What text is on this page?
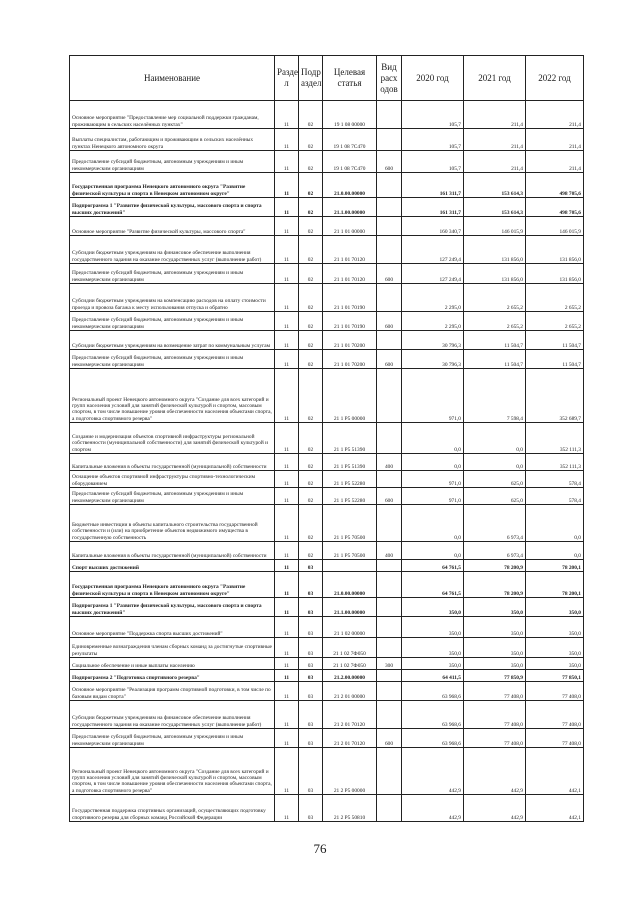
Наименование	Разде л	Подр аздел	Целевая статья	Вид расх одов	2020 год	2021 год	2022 год
Основное мероприятие "Предоставление мер социальной поддержки гражданам, проживающим в сельских населённых пунктах"	11	02	19 1 08 00000		105,7	211,4	211,4
Выплаты специалистам, работающим и проживающим в сельских населённых пунктах Ненецкого автономного округа	11	02	19 1 08 7С470		105,7	211,4	211,4
Предоставление субсидий бюджетным, автономным учреждениям и иным некоммерческим организациям	11	02	19 1 08 7С470	600	105,7	211,4	211,4
Государственная программа Ненецкого автономного округа "Развитие физической культуры и спорта в Ненецком автономном округе"	11	02	21.0.00.00000		161 311,7	153 614,3	498 705,6
Подпрограмма 1 "Развитие физической культуры, массового спорта и спорта высших достижений"	11	02	21.1.00.00000		161 311,7	153 614,3	498 705,6
Основное мероприятие "Развитие физической культуры, массового спорта"	11	02	21 1 01 00000		160 340,7	146 015,9	146 015,9
Субсидии бюджетным учреждениям на финансовое обеспечение выполнения государственного задания на оказание государственных услуг (выполнение работ)	11	02	21 1 01 70120		127 249,4	131 856,0	131 856,0
Предоставление субсидий бюджетным, автономным учреждениям и иным некоммерческим организациям	11	02	21 1 01 70120	600	127 249,4	131 856,0	131 856,0
Субсидии бюджетным учреждениям на компенсацию расходов на оплату стоимости проезда и провоза багажа к месту использования отпуска и обратно	11	02	21 1 01 70190		2 295,0	2 655,2	2 655,2
Предоставление субсидий бюджетным, автономным учреждениям и иным некоммерческим организациям	11	02	21 1 01 70190	600	2 295,0	2 655,2	2 655,2
Субсидии бюджетным учреждениям на возмещение затрат по коммунальным услугам	11	02	21 1 01 70200		30 796,3	11 504,7	11 504,7
Предоставление субсидий бюджетным, автономным учреждениям и иным некоммерческим организациям	11	02	21 1 01 70200	600	30 796,3	11 504,7	11 504,7
Региональный проект Ненецкого автономного округа "Создание для всех категорий и групп населения условий для занятий физической культурой и спортом, массовым спортом, в том числе повышение уровня обеспеченности населения объектами спорта, а подготовка спортивного резерва"	11	02	21 1 Р5 00000		971,0	7 598,4	352 689,7
Создание и модернизация объектов спортивной инфраструктуры региональной собственности (муниципальной собственности) для занятий физической культурой и спортом	11	02	21 1 Р5 51390		0,0	0,0	352 111,3
Капитальные вложения в объекты государственной (муниципальной) собственности	11	02	21 1 Р5 51390	400	0,0	0,0	352 111,3
Оснащение объектов спортивной инфраструктуры спортивно-технологическим оборудованием	11	02	21 1 Р5 52280		971,0	625,0	578,4
Предоставление субсидий бюджетным, автономным учреждениям и иным некоммерческим организациям	11	02	21 1 Р5 52280	600	971,0	625,0	578,4
Бюджетные инвестиции в объекты капитального строительства государственной собственности и (или) на приобретение объектов недвижимого имущества в государственную собственность	11	02	21 1 Р5 70500		0,0	6 973,4	0,0
Капитальные вложения в объекты государственной (муниципальной) собственности	11	02	21 1 Р5 70500	400	0,0	6 973,4	0,0
Спорт высших достижений	11	03			64 761,5	78 200,9	78 200,1
Государственная программа Ненецкого автономного округа "Развитие физической культуры и спорта в Ненецком автономном округе"	11	03	21.0.00.00000		64 761,5	78 200,9	78 200,1
Подпрограмма 1 "Развитие физической культуры, массового спорта и спорта высших достижений"	11	03	21.1.00.00000		350,0	350,0	350,0
Основное мероприятие "Поддержка спорта высших достижений"	11	03	21 1 02 00000		350,0	350,0	350,0
Единовременные вознаграждения членам сборных команд за достигнутые спортивные результаты	11	03	21 1 02 7Ф050		350,0	350,0	350,0
Социальное обеспечение и иные выплаты населению	11	03	21 1 02 7Ф050	300	350,0	350,0	350,0
Подпрограмма 2 "Подготовка спортивного резерва"	11	03	21.2.00.00000		64 411,5	77 850,9	77 850,1
Основное мероприятие "Реализация программ спортивной подготовки, в том числе по базовым видам спорта"	11	03	21 2 01 00000		63 968,6	77 408,0	77 408,0
Субсидии бюджетным учреждениям на финансовое обеспечение выполнения государственного задания на оказание государственных услуг (выполнение работ)	11	03	21 2 01 70120		63 968,6	77 408,0	77 408,0
Предоставление субсидий бюджетным, автономным учреждениям и иным некоммерческим организациям	11	03	21 2 01 70120	600	63 968,6	77 408,0	77 408,0
Региональный проект Ненецкого автономного округа "Создание для всех категорий и групп населения условий для занятий физической культурой и спортом, массовым спортом, в том числе повышение уровня обеспеченности населения объектами спорта, а подготовка спортивного резерва"	11	03	21 2 Р5 00000		442,9	442,9	442,1
Государственная поддержка спортивных организаций, осуществляющих подготовку спортивного резерва для сборных команд Российской Федерации	11	03	21 2 Р5 50810		442,9	442,9	442,1
76
